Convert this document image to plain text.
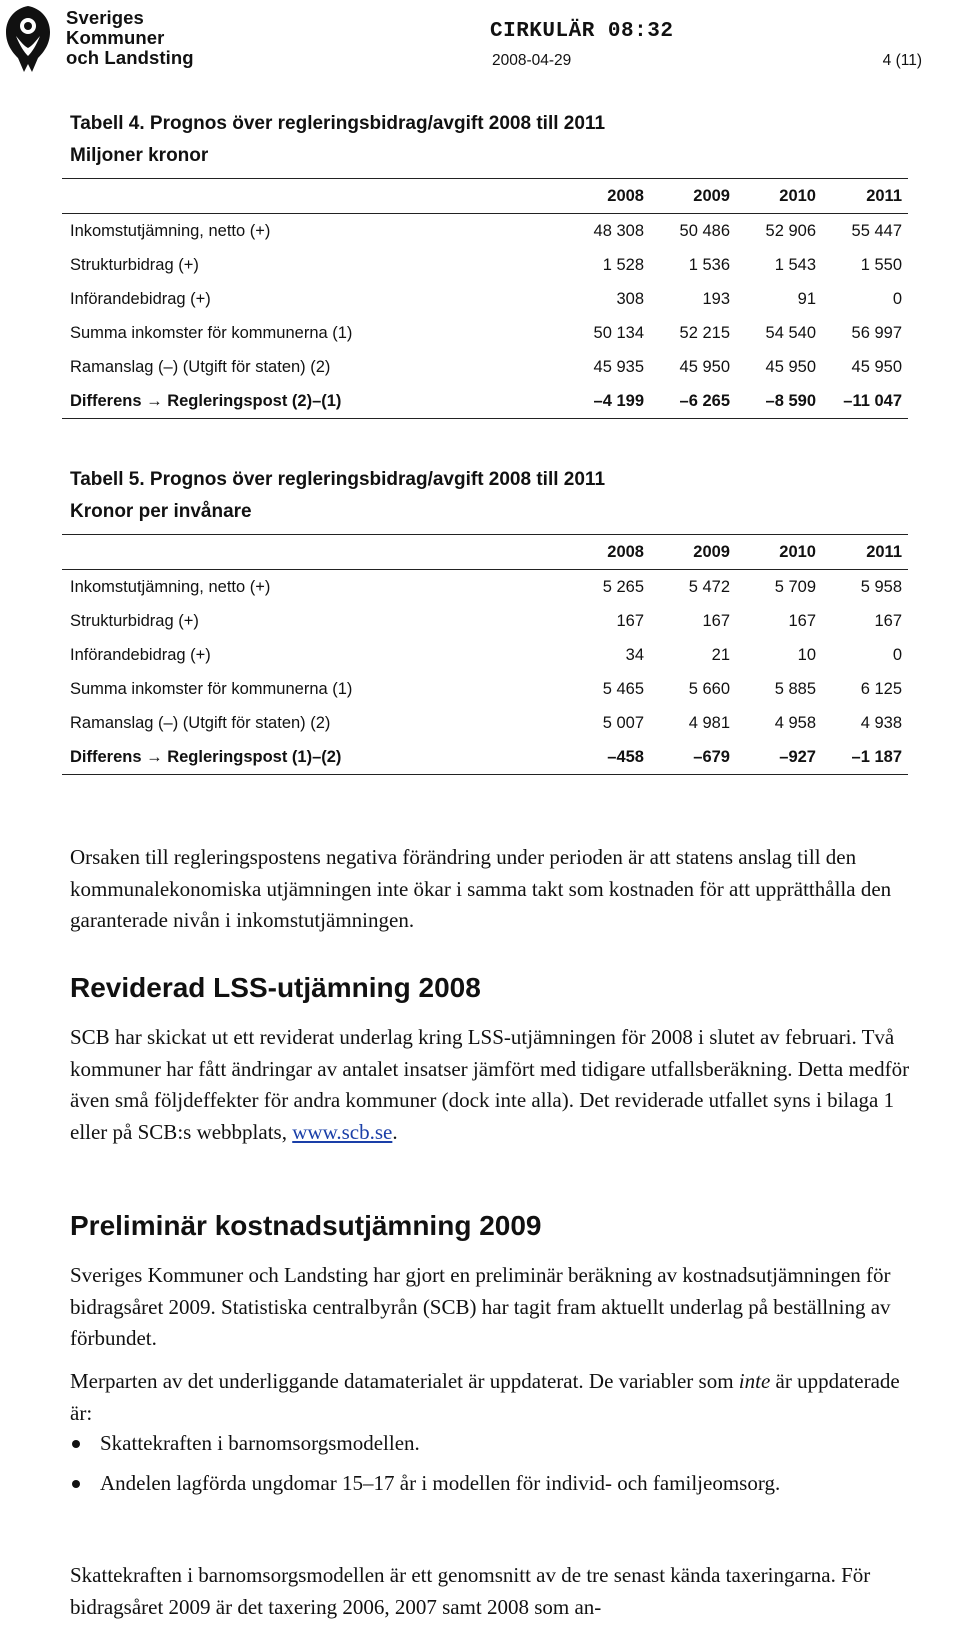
Sveriges
Kommuner
och Landsting
CIRKULÄR 08:32
2008-04-29	4 (11)
Tabell 4. Prognos över regleringsbidrag/avgift 2008 till 2011
Miljoner kronor
	2008	2009	2010	2011
Inkomstutjämning, netto (+)	48 308	50 486	52 906	55 447
Strukturbidrag (+)	1 528	1 536	1 543	1 550
Införandebidrag (+)	308	193	91	0
Summa inkomster för kommunerna (1)	50 134	52 215	54 540	56 997
Ramanslag (–) (Utgift för staten) (2)	45 935	45 950	45 950	45 950
Differens → Regleringspost (2)–(1)	–4 199	–6 265	–8 590	–11 047
Tabell 5. Prognos över regleringsbidrag/avgift 2008 till 2011
Kronor per invånare
	2008	2009	2010	2011
Inkomstutjämning, netto (+)	5 265	5 472	5 709	5 958
Strukturbidrag (+)	167	167	167	167
Införandebidrag (+)	34	21	10	0
Summa inkomster för kommunerna (1)	5 465	5 660	5 885	6 125
Ramanslag (–) (Utgift för staten) (2)	5 007	4 981	4 958	4 938
Differens → Regleringspost (1)–(2)	–458	–679	–927	–1 187

Orsaken till regleringspostens negativa förändring under perioden är att statens anslag till den kommunalekonomiska utjämningen inte ökar i samma takt som kostnaden för att upprätthålla den garanterade nivån i inkomstutjämningen.

Reviderad LSS-utjämning 2008

SCB har skickat ut ett reviderat underlag kring LSS-utjämningen för 2008 i slutet av februari. Två kommuner har fått ändringar av antalet insatser jämfört med tidigare utfallsberäkning. Detta medför även små följdeffekter för andra kommuner (dock inte alla). Det reviderade utfallet syns i bilaga 1 eller på SCB:s webbplats, www.scb.se.

Preliminär kostnadsutjämning 2009

Sveriges Kommuner och Landsting har gjort en preliminär beräkning av kostnadsutjämningen för bidragsåret 2009. Statistiska centralbyrån (SCB) har tagit fram aktuellt underlag på beställning av förbundet.

Merparten av det underliggande datamaterialet är uppdaterat. De variabler som inte är uppdaterade är:

Skattekraften i barnomsorgsmodellen.
Andelen lagförda ungdomar 15–17 år i modellen för individ- och familjeomsorg.

Skattekraften i barnomsorgsmodellen är ett genomsnitt av de tre senast kända taxeringarna. För bidragsåret 2009 är det taxering 2006, 2007 samt 2008 som an-
